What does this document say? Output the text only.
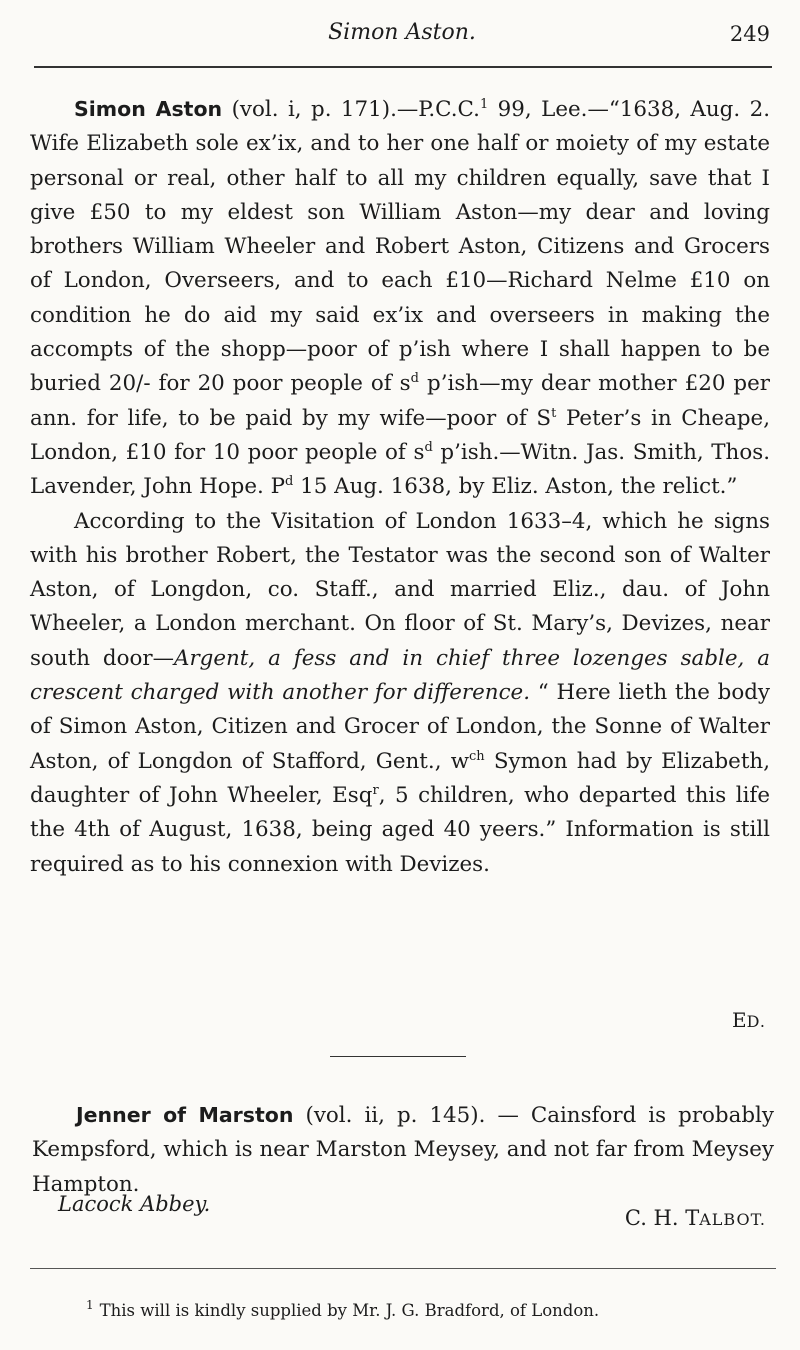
Simon Aston.	249

Simon Aston (vol. i, p. 171).—P.C.C.$^1$ 99, Lee.—“1638, Aug. 2. Wife Elizabeth sole ex’ix, and to her one half or moiety of my estate personal or real, other half to all my children equally, save that I give £50 to my eldest son William Aston—my dear and loving brothers William Wheeler and Robert Aston, Citizens and Grocers of London, Overseers, and to each £10—Richard Nelme £10 on condition he do aid my said ex’ix and overseers in making the accompts of the shopp—poor of p’ish where I shall happen to be buried 20/- for 20 poor people of $s^d$ p’ish—my dear mother £20 per ann. for life, to be paid by my wife—poor of $S^t$ Peter’s in Cheape, London, £10 for 10 poor people of $s^d$ p’ish.—Witn. Jas. Smith, Thos. Lavender, John Hope. $P^d$ 15 Aug. 1638, by Eliz. Aston, the relict.”

According to the Visitation of London 1633–4, which he signs with his brother Robert, the Testator was the second son of Walter Aston, of Longdon, co. Staff., and married Eliz., dau. of John Wheeler, a London merchant. On floor of St. Mary’s, Devizes, near south door—Argent, a fess and in chief three lozenges sable, a crescent charged with another for difference. “ Here lieth the body of Simon Aston, Citizen and Grocer of London, the Sonne of Walter Aston, of Longdon of Stafford, Gent., $w^{ch}$ Symon had by Elizabeth, daughter of John Wheeler, Esq$^r$, 5 children, who departed this life the 4th of August, 1638, being aged 40 yeers.” Information is still required as to his connexion with Devizes.

ED.

Jenner of Marston (vol. ii, p. 145). — Cainsford is probably Kempsford, which is near Marston Meysey, and not far from Meysey Hampton.

Lacock Abbey.
C. H. TALBOT.
$^1$ This will is kindly supplied by Mr. J. G. Bradford, of London.
